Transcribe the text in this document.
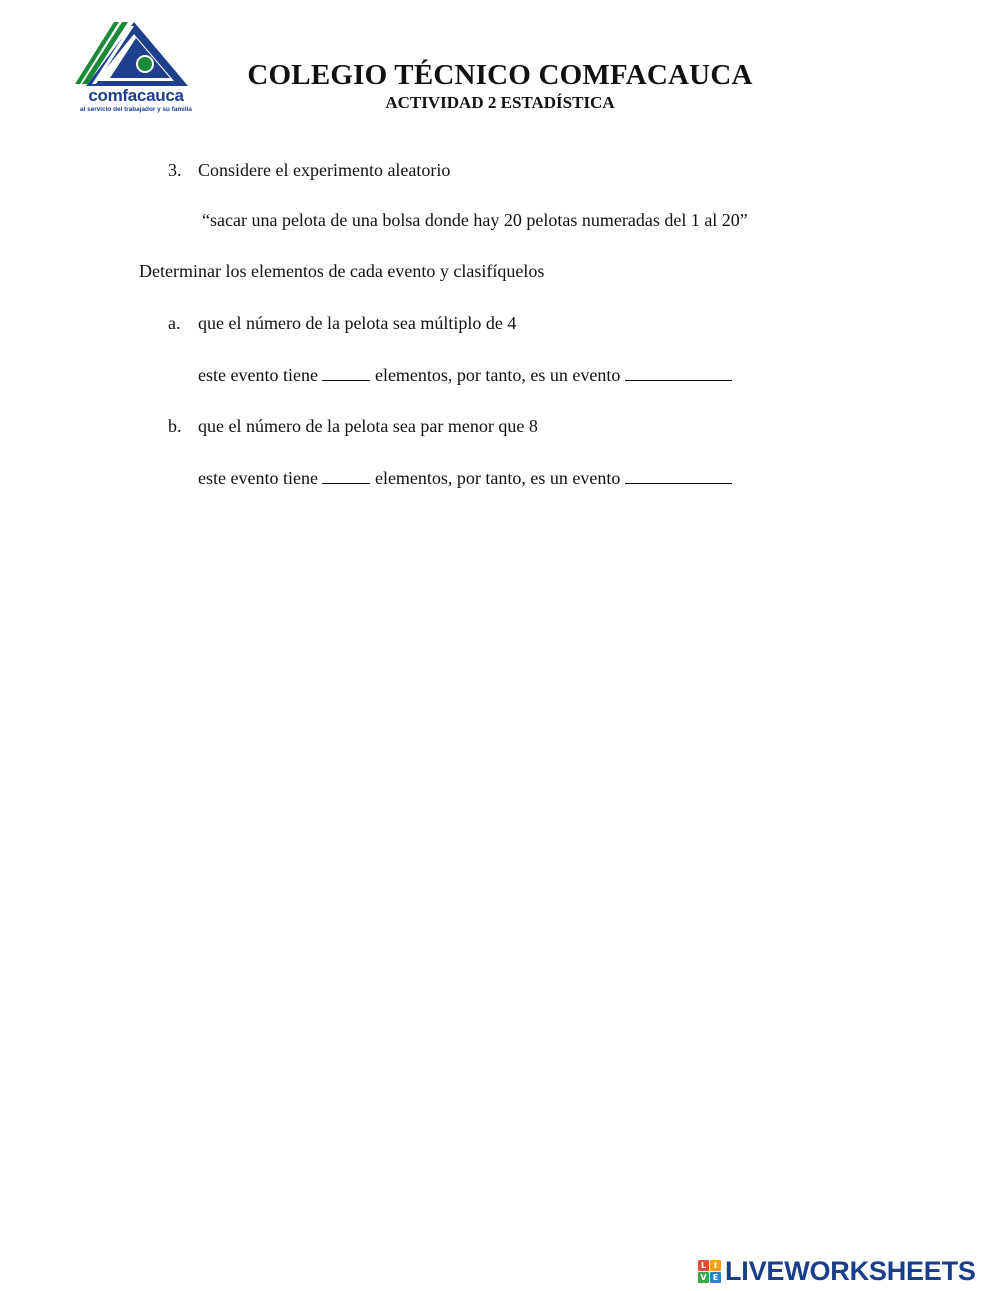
comfacauca
al servicio del trabajador y su familia
COLEGIO TÉCNICO COMFACAUCA
ACTIVIDAD 2 ESTADÍSTICA
3. Considere el experimento aleatorio
“sacar una pelota de una bolsa donde hay 20 pelotas numeradas del 1 al 20”
Determinar los elementos de cada evento y clasifíquelos
a. que el número de la pelota sea múltiplo de 4
este evento tiene	elementos, por tanto, es un evento
b. que el número de la pelota sea par menor que 8
este evento tiene	elementos, por tanto, es un evento
L I
V E LIVEWORKSHEETS
